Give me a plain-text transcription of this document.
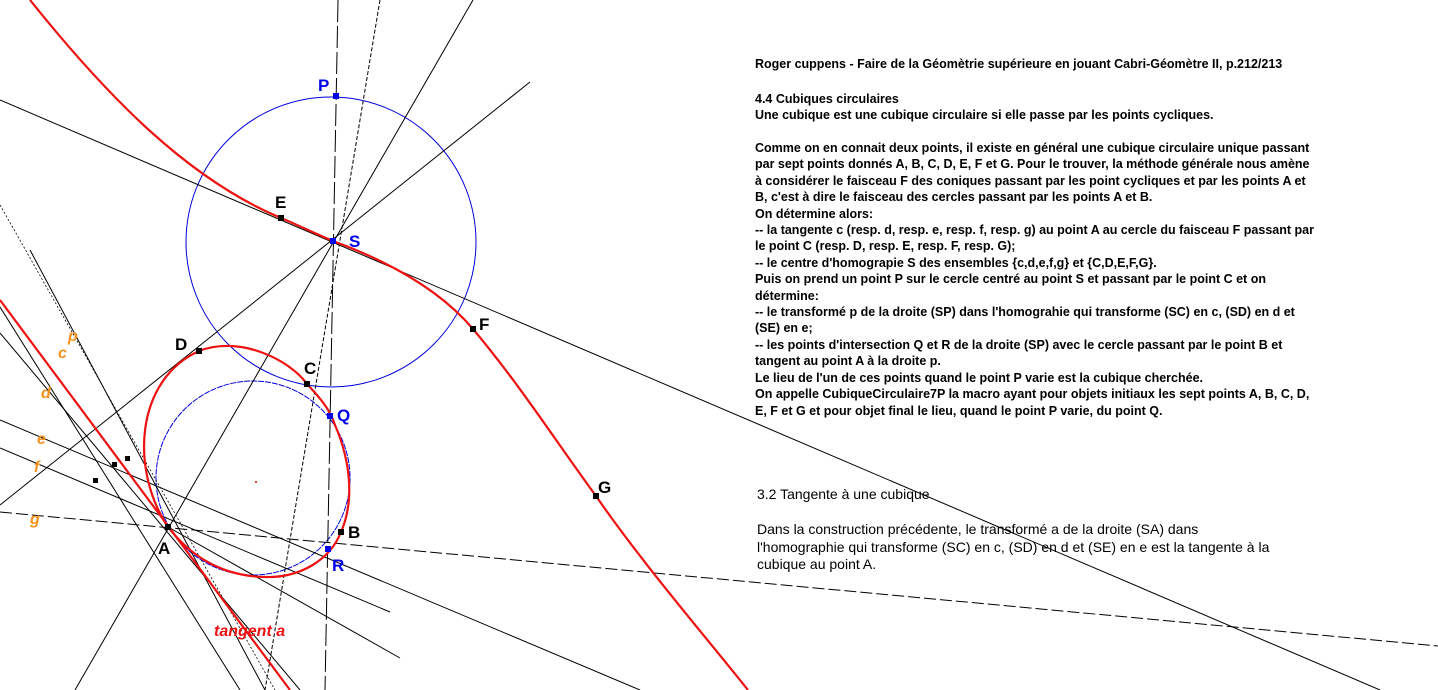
A
B
C
D
E
F
G
S
P
Q
R
p
c
d
e
f
g
tangent a
Roger cuppens - Faire de la Géomètrie supérieure en jouant Cabri-Géomètre II, p.212/213
4.4 Cubiques circulaires
Une cubique est une cubique circulaire si elle passe par les points cycliques.
Comme on en connait deux points, il existe en général une cubique circulaire unique passant
par sept points donnés A, B, C, D, E, F et G. Pour le trouver, la méthode générale nous amène
à considérer le faisceau F des coniques passant par les point cycliques et par les points A et
B, c'est à dire le faisceau des cercles passant par les points A et B.
On détermine alors:
-- la tangente c (resp. d, resp. e, resp. f, resp. g) au point A au cercle du faisceau F passant par
le point C (resp. D, resp. E, resp. F, resp. G);
-- le centre d'homograpie S des ensembles {c,d,e,f,g} et {C,D,E,F,G}.
Puis on prend un point P sur le cercle centré au point S et passant par le point C et on
détermine:
-- le transformé p de la droite (SP) dans l'homograhie qui transforme (SC) en c, (SD) en d et
(SE) en e;
-- les points d'intersection Q et R de la droite (SP) avec le cercle passant par le point B et
tangent au point A à la droite p.
Le lieu de l'un de ces points quand le point P varie est la cubique cherchée.
On appelle CubiqueCirculaire7P la macro ayant pour objets initiaux les sept points A, B, C, D,
E, F et G et pour objet final le lieu, quand le point P varie, du point Q.
3.2 Tangente à une cubique
Dans la construction précédente, le transformé a de la droite (SA) dans
l'homographie qui transforme (SC) en c, (SD) en d et (SE) en e est la tangente à la
cubique au point A.
